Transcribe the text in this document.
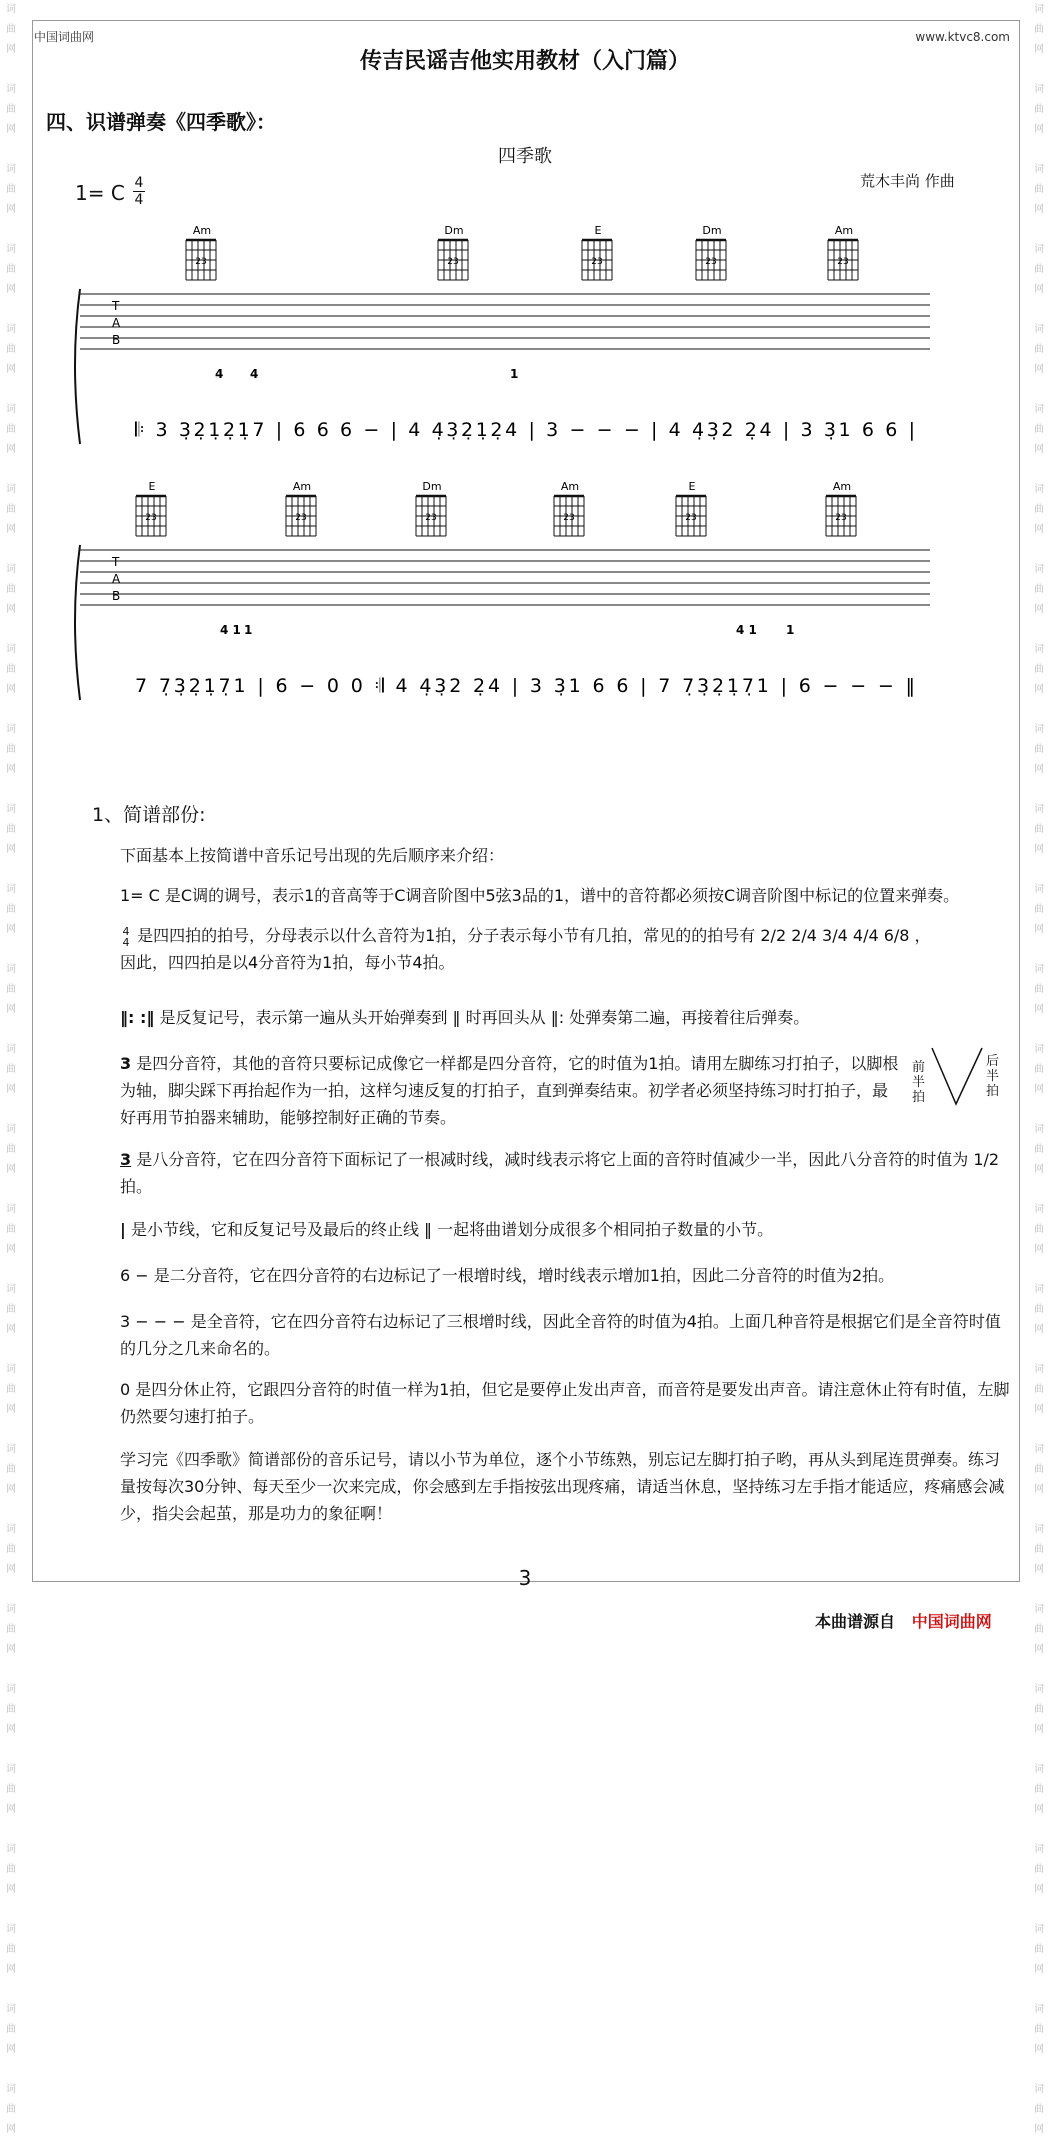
词
曲
网

词
曲
网

词
曲
网

词
曲
网

词
曲
网

词
曲
网

词
曲
网

词
曲
网

词
曲
网

词
曲
网

词
曲
网

词
曲
网

词
曲
网

词
曲
网

词
曲
网

词
曲
网

词
曲
网

词
曲
网

词
曲
网

词
曲
网

词
曲
网

词
曲
网

词
曲
网

词
曲
网

词
曲
网

词
曲
网

词
曲
网

词
曲
网

词
曲
网

词
曲
网

词
曲
网

词
曲
网

词
曲
网

词
曲
网

词
曲
网

词
曲
网

词
曲
网

词
曲
网

词
曲
网

词
曲
网

词
曲
网

词
曲
网

词
曲
网

词
曲
网

词
曲
网

词
曲
网

词
曲
网

词
曲
网

词
曲
网

词
曲
网

词
曲
网

词
曲
网

词
曲
网

词
曲
网

中国词曲网	www.ktvc8.com
传吉民谣吉他实用教材（入门篇）
四、识谱弹奏《四季歌》：
四季歌
荒木丰尚 作曲
1= C 4
4
T
A
B
Am
23
Dm
23
E
23
Dm
23
Am
23
4 4	1
𝄆 3 3̣2̣1̣2̣1̣7 | 6 6 6 − | 4 4̣3̣2̣1̣2̣4 | 3 − − − | 4 4̣3̣2 2̣4 | 3 3̣1 6 6 |
T
A
B
E
23
Am
23
Dm
23
Am
23
E
23
Am
23
4 1 1	4 1 1
7 7̣3̣2̣1̣7̣1 | 6 − 0 0 𝄇 4 4̣3̣2 2̣4 | 3 3̣1 6 6 | 7 7̣3̣2̣1̣7̣1 | 6 − − − ‖
1、简谱部份:
下面基本上按简谱中音乐记号出现的先后顺序来介绍：
1= C 是C调的调号，表示1的音高等于C调音阶图中5弦3品的1，谱中的音符都必须按C调音阶图中标记的位置来弹奏。
4
4 是四四拍的拍号，分母表示以什么音符为1拍，分子表示每小节有几拍，常见的的拍号有 2/2 2/4 3/4 4/4 6/8 ，
因此，四四拍是以4分音符为1拍，每小节4拍。
‖: :‖ 是反复记号，表示第一遍从头开始弹奏到 ‖ 时再回头从 ‖: 处弹奏第二遍，再接着往后弹奏。
3 是四分音符，其他的音符只要标记成像它一样都是四分音符，它的时值为1拍。请用左脚练习打拍子，以脚根为轴，脚尖踩下再抬起作为一拍，这样匀速反复的打拍子，直到弹奏结束。初学者必须坚持练习时打拍子，最好再用节拍器来辅助，能够控制好正确的节奏。
前半拍
后半拍
3 是八分音符，它在四分音符下面标记了一根减时线，减时线表示将它上面的音符时值减少一半，因此八分音符的时值为 1/2 拍。
| 是小节线，它和反复记号及最后的终止线 ‖ 一起将曲谱划分成很多个相同拍子数量的小节。
6 − 是二分音符，它在四分音符的右边标记了一根增时线，增时线表示增加1拍，因此二分音符的时值为2拍。
3 − − − 是全音符，它在四分音符右边标记了三根增时线，因此全音符的时值为4拍。上面几种音符是根据它们是全音符时值的几分之几来命名的。
0 是四分休止符，它跟四分音符的时值一样为1拍，但它是要停止发出声音，而音符是要发出声音。请注意休止符有时值，左脚仍然要匀速打拍子。
学习完《四季歌》简谱部份的音乐记号，请以小节为单位，逐个小节练熟，别忘记左脚打拍子哟，再从头到尾连贯弹奏。练习量按每次30分钟、每天至少一次来完成，你会感到左手指按弦出现疼痛，请适当休息，坚持练习左手指才能适应，疼痛感会减少，指尖会起茧，那是功力的象征啊！
3
本曲谱源自 中国词曲网
